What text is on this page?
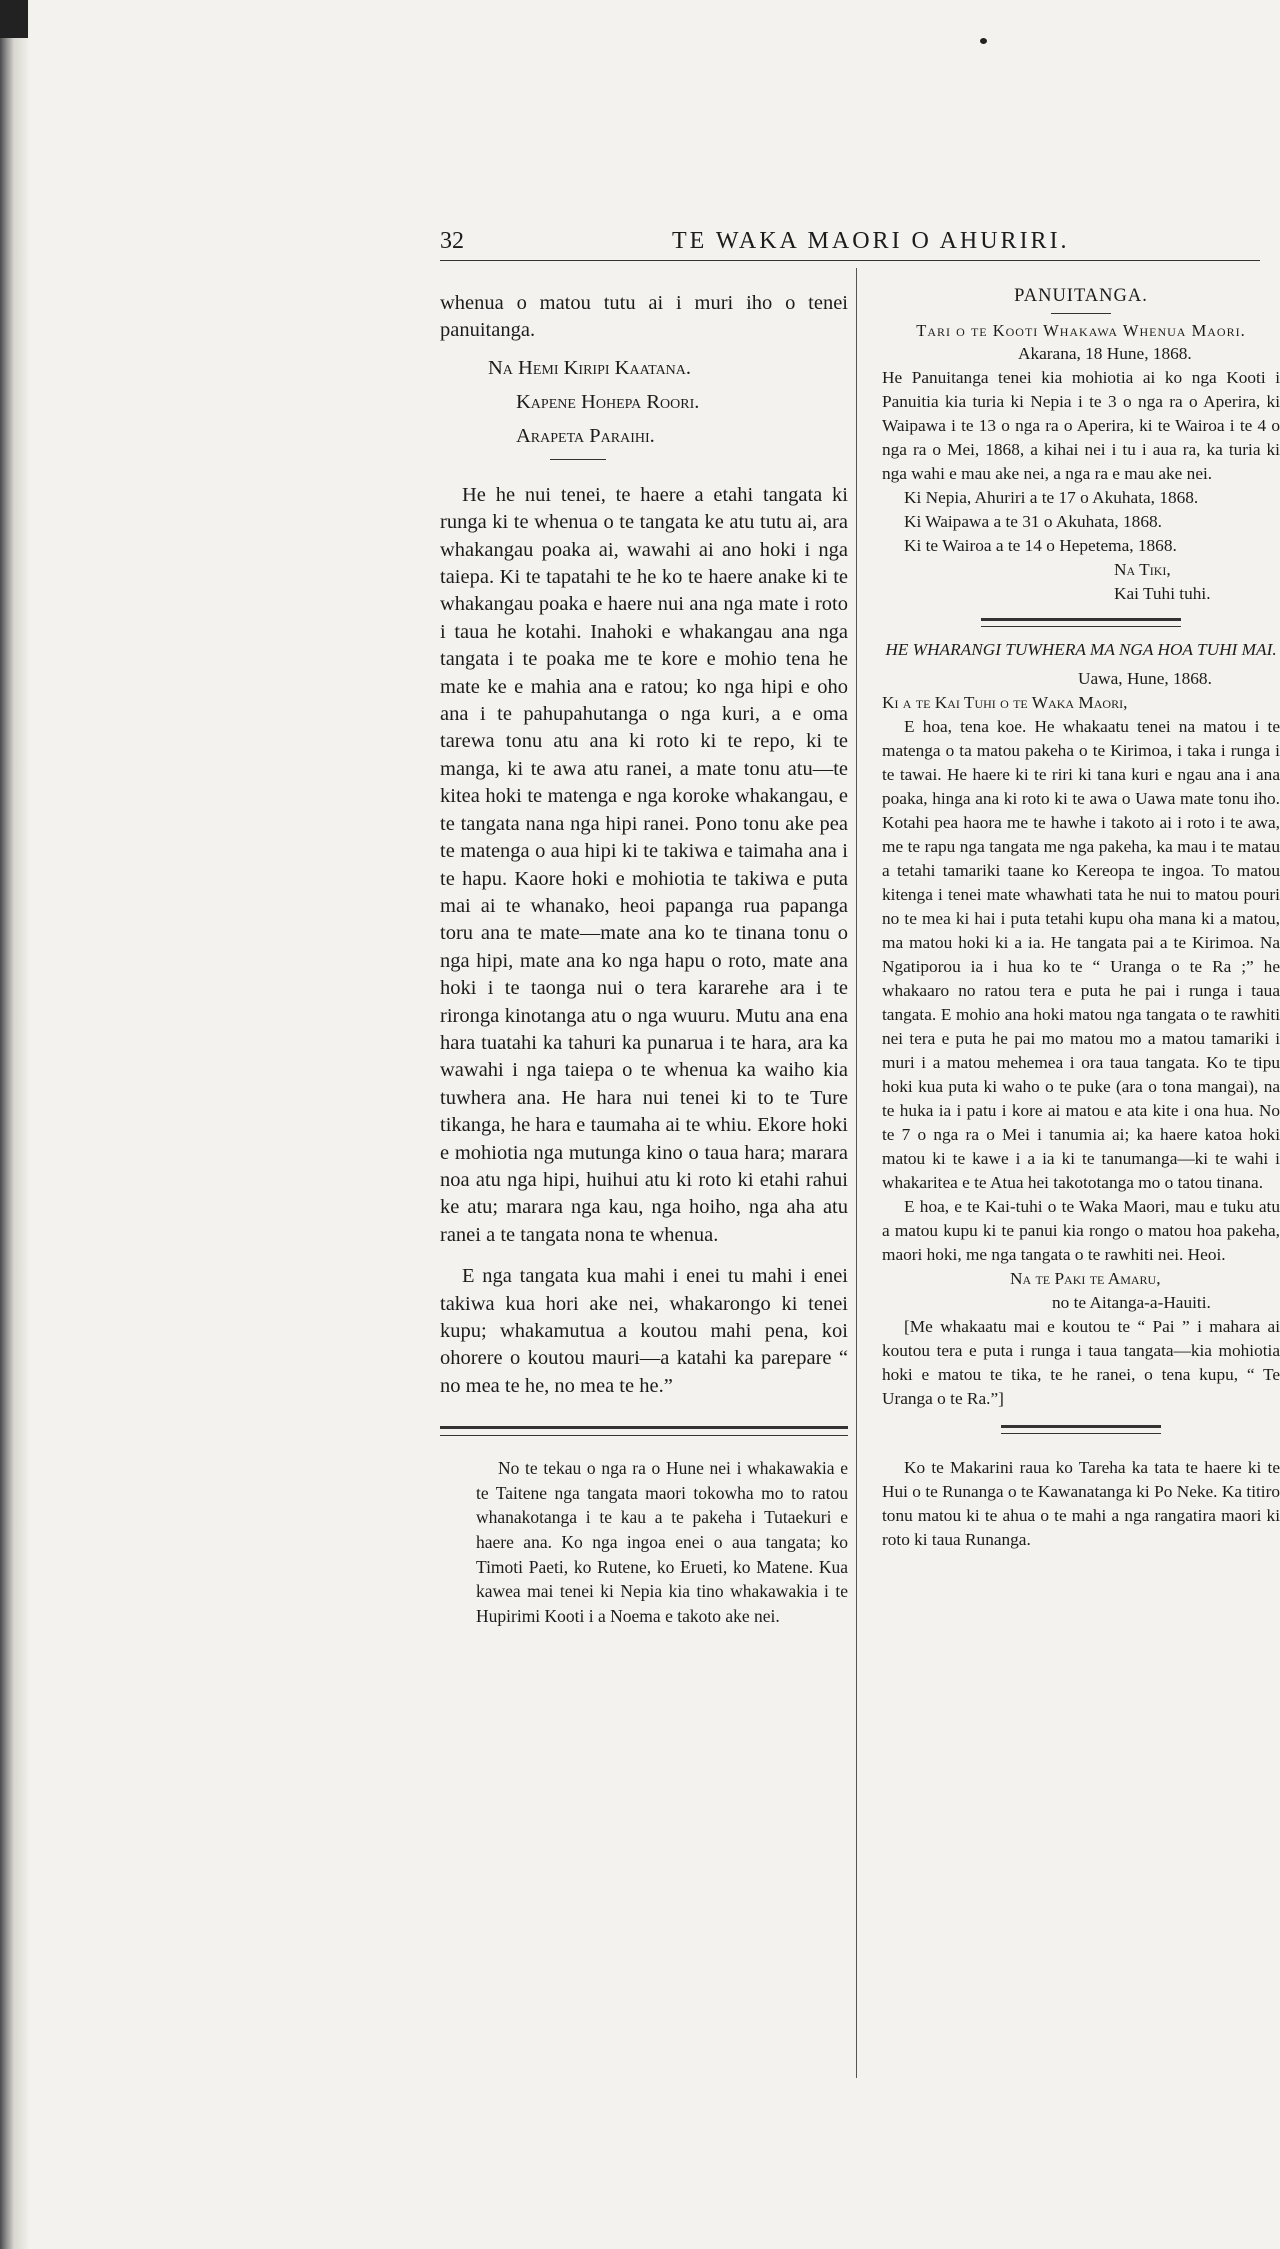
32	TE WAKA MAORI O AHURIRI.

whenua o matou tutu ai i muri iho o tenei panuitanga.

Na Hemi Kiripi Kaatana.
Kapene Hohepa Roori.
Arapeta Paraihi.

He he nui tenei, te haere a etahi tangata ki runga ki te whenua o te tangata ke atu tutu ai, ara whakangau poaka ai, wawahi ai ano hoki i nga taiepa. Ki te tapatahi te he ko te haere anake ki te whakangau poaka e haere nui ana nga mate i roto i taua he kotahi. Inahoki e whakangau ana nga tangata i te poaka me te kore e mohio tena he mate ke e mahia ana e ratou; ko nga hipi e oho ana i te pahupahutanga o nga kuri, a e oma tarewa tonu atu ana ki roto ki te repo, ki te manga, ki te awa atu ranei, a mate tonu atu—te kitea hoki te matenga e nga koroke whakangau, e te tangata nana nga hipi ranei. Pono tonu ake pea te matenga o aua hipi ki te takiwa e taimaha ana i te hapu. Kaore hoki e mohiotia te takiwa e puta mai ai te whanako, heoi papanga rua papanga toru ana te mate—mate ana ko te tinana tonu o nga hipi, mate ana ko nga hapu o roto, mate ana hoki i te taonga nui o tera kararehe ara i te rironga kinotanga atu o nga wuuru. Mutu ana ena hara tuatahi ka tahuri ka punarua i te hara, ara ka wawahi i nga taiepa o te whenua ka waiho kia tuwhera ana. He hara nui tenei ki to te Ture tikanga, he hara e taumaha ai te whiu. Ekore hoki e mohiotia nga mutunga kino o taua hara; marara noa atu nga hipi, huihui atu ki roto ki etahi rahui ke atu; marara nga kau, nga hoiho, nga aha atu ranei a te tangata nona te whenua.

E nga tangata kua mahi i enei tu mahi i enei takiwa kua hori ake nei, whakarongo ki tenei kupu; whakamutua a koutou mahi pena, koi ohorere o koutou mauri—a katahi ka parepare “ no mea te he, no mea te he.”

No te tekau o nga ra o Hune nei i whakawakia e te Taitene nga tangata maori tokowha mo to ratou whanakotanga i te kau a te pakeha i Tutaekuri e haere ana. Ko nga ingoa enei o aua tangata; ko Timoti Paeti, ko Rutene, ko Erueti, ko Matene. Kua kawea mai tenei ki Nepia kia tino whakawakia i te Hupirimi Kooti i a Noema e takoto ake nei.

PANUITANGA.

Tari o te Kooti Whakawa Whenua Maori.

Akarana, 18 Hune, 1868.

He Panuitanga tenei kia mohiotia ai ko nga Kooti i Panuitia kia turia ki Nepia i te 3 o nga ra o Aperira, ki Waipawa i te 13 o nga ra o Aperira, ki te Wairoa i te 4 o nga ra o Mei, 1868, a kihai nei i tu i aua ra, ka turia ki nga wahi e mau ake nei, a nga ra e mau ake nei.

Ki Nepia, Ahuriri a te 17 o Akuhata, 1868.

Ki Waipawa a te 31 o Akuhata, 1868.

Ki te Wairoa a te 14 o Hepetema, 1868.

Na Tiki,
Kai Tuhi tuhi.

HE WHARANGI TUWHERA MA NGA HOA TUHI MAI.

Uawa, Hune, 1868.

Ki a te Kai Tuhi o te Waka Maori,

E hoa, tena koe. He whakaatu tenei na matou i te matenga o ta matou pakeha o te Kirimoa, i taka i runga i te tawai. He haere ki te riri ki tana kuri e ngau ana i ana poaka, hinga ana ki roto ki te awa o Uawa mate tonu iho. Kotahi pea haora me te hawhe i takoto ai i roto i te awa, me te rapu nga tangata me nga pakeha, ka mau i te matau a tetahi tamariki taane ko Kereopa te ingoa. To matou kitenga i tenei mate whawhati tata he nui to matou pouri no te mea ki hai i puta tetahi kupu oha mana ki a matou, ma matou hoki ki a ia. He tangata pai a te Kirimoa. Na Ngatiporou ia i hua ko te “ Uranga o te Ra ;” he whakaaro no ratou tera e puta he pai i runga i taua tangata. E mohio ana hoki matou nga tangata o te rawhiti nei tera e puta he pai mo matou mo a matou tamariki i muri i a matou mehemea i ora taua tangata. Ko te tipu hoki kua puta ki waho o te puke (ara o tona mangai), na te huka ia i patu i kore ai matou e ata kite i ona hua. No te 7 o nga ra o Mei i tanumia ai; ka haere katoa hoki matou ki te kawe i a ia ki te tanumanga—ki te wahi i whakaritea e te Atua hei takototanga mo o tatou tinana.

E hoa, e te Kai-tuhi o te Waka Maori, mau e tuku atu a matou kupu ki te panui kia rongo o matou hoa pakeha, maori hoki, me nga tangata o te rawhiti nei. Heoi.

Na te Paki te Amaru,
no te Aitanga-a-Hauiti.

[Me whakaatu mai e koutou te “ Pai ” i mahara ai koutou tera e puta i runga i taua tangata—kia mohiotia hoki e matou te tika, te he ranei, o tena kupu, “ Te Uranga o te Ra.”]

Ko te Makarini raua ko Tareha ka tata te haere ki te Hui o te Runanga o te Kawanatanga ki Po Neke. Ka titiro tonu matou ki te ahua o te mahi a nga rangatira maori ki roto ki taua Runanga.
